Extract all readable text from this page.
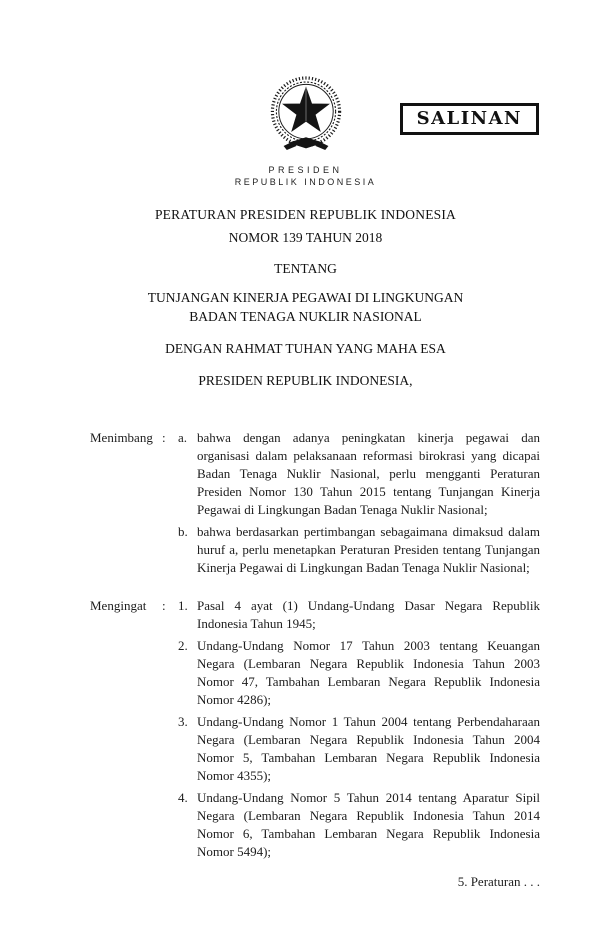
SALINAN
PRESIDEN
REPUBLIK INDONESIA
PERATURAN PRESIDEN REPUBLIK INDONESIA
NOMOR 139 TAHUN 2018
TENTANG
TUNJANGAN KINERJA PEGAWAI DI LINGKUNGAN
BADAN TENAGA NUKLIR NASIONAL
DENGAN RAHMAT TUHAN YANG MAHA ESA
PRESIDEN REPUBLIK INDONESIA,
Menimbang : a. bahwa dengan adanya peningkatan kinerja pegawai dan organisasi dalam pelaksanaan reformasi birokrasi yang dicapai Badan Tenaga Nuklir Nasional, perlu mengganti Peraturan Presiden Nomor 130 Tahun 2015 tentang Tunjangan Kinerja Pegawai di Lingkungan Badan Tenaga Nuklir Nasional;
b. bahwa berdasarkan pertimbangan sebagaimana dimaksud dalam huruf a, perlu menetapkan Peraturan Presiden tentang Tunjangan Kinerja Pegawai di Lingkungan Badan Tenaga Nuklir Nasional;
Mengingat	: 1. Pasal 4 ayat (1) Undang-Undang Dasar Negara Republik Indonesia Tahun 1945;
2. Undang-Undang Nomor 17 Tahun 2003 tentang Keuangan Negara (Lembaran Negara Republik Indonesia Tahun 2003 Nomor 47, Tambahan Lembaran Negara Republik Indonesia Nomor 4286);
3. Undang-Undang Nomor 1 Tahun 2004 tentang Perbendaharaan Negara (Lembaran Negara Republik Indonesia Tahun 2004 Nomor 5, Tambahan Lembaran Negara Republik Indonesia Nomor 4355);
4. Undang-Undang Nomor 5 Tahun 2014 tentang Aparatur Sipil Negara (Lembaran Negara Republik Indonesia Tahun 2014 Nomor 6, Tambahan Lembaran Negara Republik Indonesia Nomor 5494);
5. Peraturan . . .
